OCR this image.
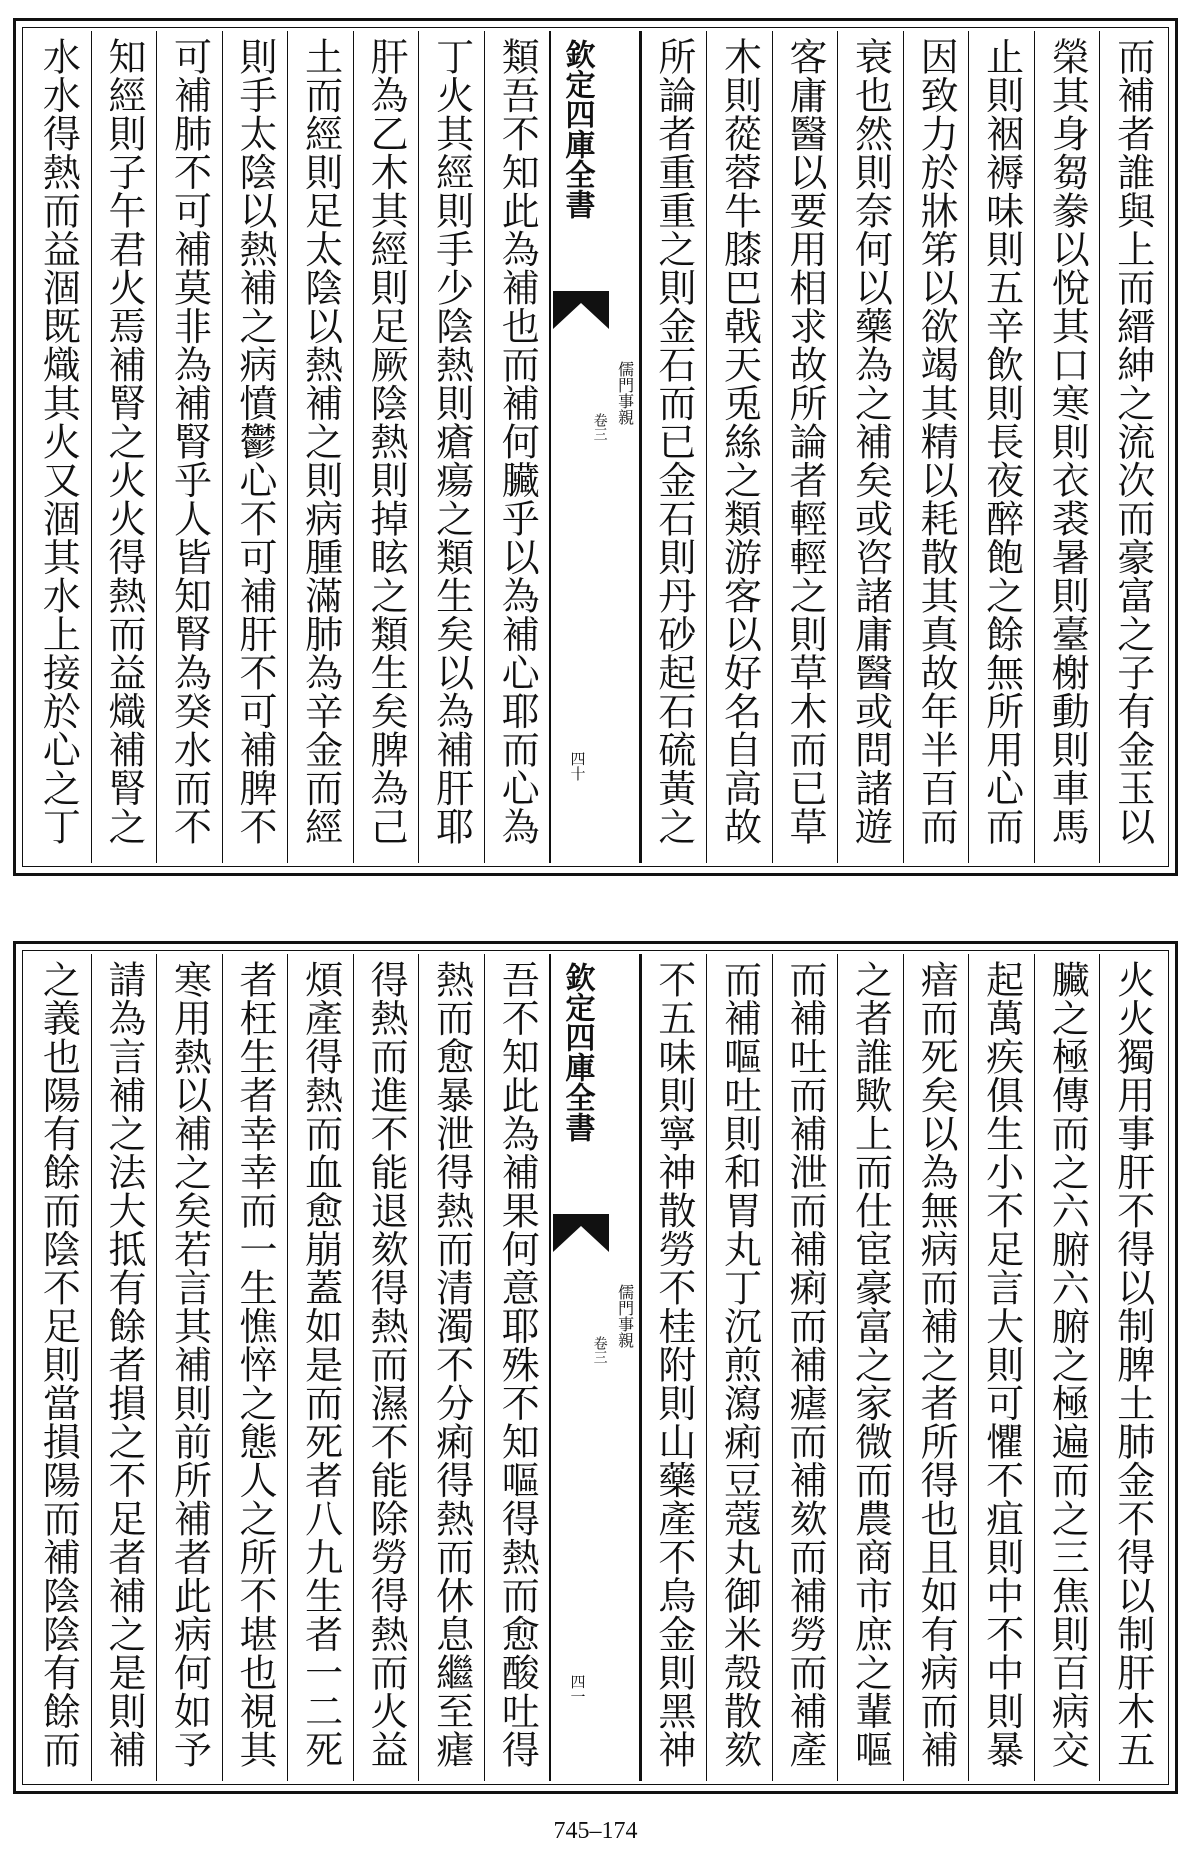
而補者誰與上而縉紳之流次而豪富之子有金玉以
榮其身芻豢以悅其口寒則衣裘暑則臺榭動則車馬
止則裀褥味則五辛飲則長夜醉飽之餘無所用心而
因致力於牀笫以欲竭其精以耗散其真故年半百而
衰也然則奈何以藥為之補矣或咨諸庸醫或問諸遊
客庸醫以要用相求故所論者輕輕之則草木而已草
木則蓯蓉牛膝巴戟天兎絲之類游客以好名自高故
所論者重重之則金石而已金石則丹砂起石硫黃之
欽定四庫全書
儒門事親
卷三
四十
類吾不知此為補也而補何臟乎以為補心耶而心為
丁火其經則手少陰熱則瘡瘍之類生矣以為補肝耶
肝為乙木其經則足厥陰熱則掉眩之類生矣脾為己
土而經則足太陰以熱補之則病腫滿肺為辛金而經
則手太陰以熱補之病憤鬱心不可補肝不可補脾不
可補肺不可補莫非為補腎乎人皆知腎為癸水而不
知經則子午君火焉補腎之火火得熱而益熾補腎之
水水得熱而益涸既熾其火又涸其水上接於心之丁
火火獨用事肝不得以制脾土肺金不得以制肝木五
臟之極傳而之六腑六腑之極遍而之三焦則百病交
起萬疾俱生小不足言大則可懼不疽則中不中則暴
瘖而死矣以為無病而補之者所得也且如有病而補
之者誰歟上而仕宦豪富之家微而農商市庶之輩嘔
而補吐而補泄而補痢而補瘧而補欬而補勞而補產
而補嘔吐則和胃丸丁沉煎瀉痢豆蔻丸御米殼散欬
不五味則寧神散勞不桂附則山藥產不烏金則黑神
欽定四庫全書
儒門事親
卷三
四一
吾不知此為補果何意耶殊不知嘔得熱而愈酸吐得
熱而愈暴泄得熱而清濁不分痢得熱而休息繼至瘧
得熱而進不能退欬得熱而濕不能除勞得熱而火益
煩產得熱而血愈崩蓋如是而死者八九生者一二死
者枉生者幸幸而一生憔悴之態人之所不堪也視其
寒用熱以補之矣若言其補則前所補者此病何如予
請為言補之法大抵有餘者損之不足者補之是則補
之義也陽有餘而陰不足則當損陽而補陰陰有餘而
745–174
